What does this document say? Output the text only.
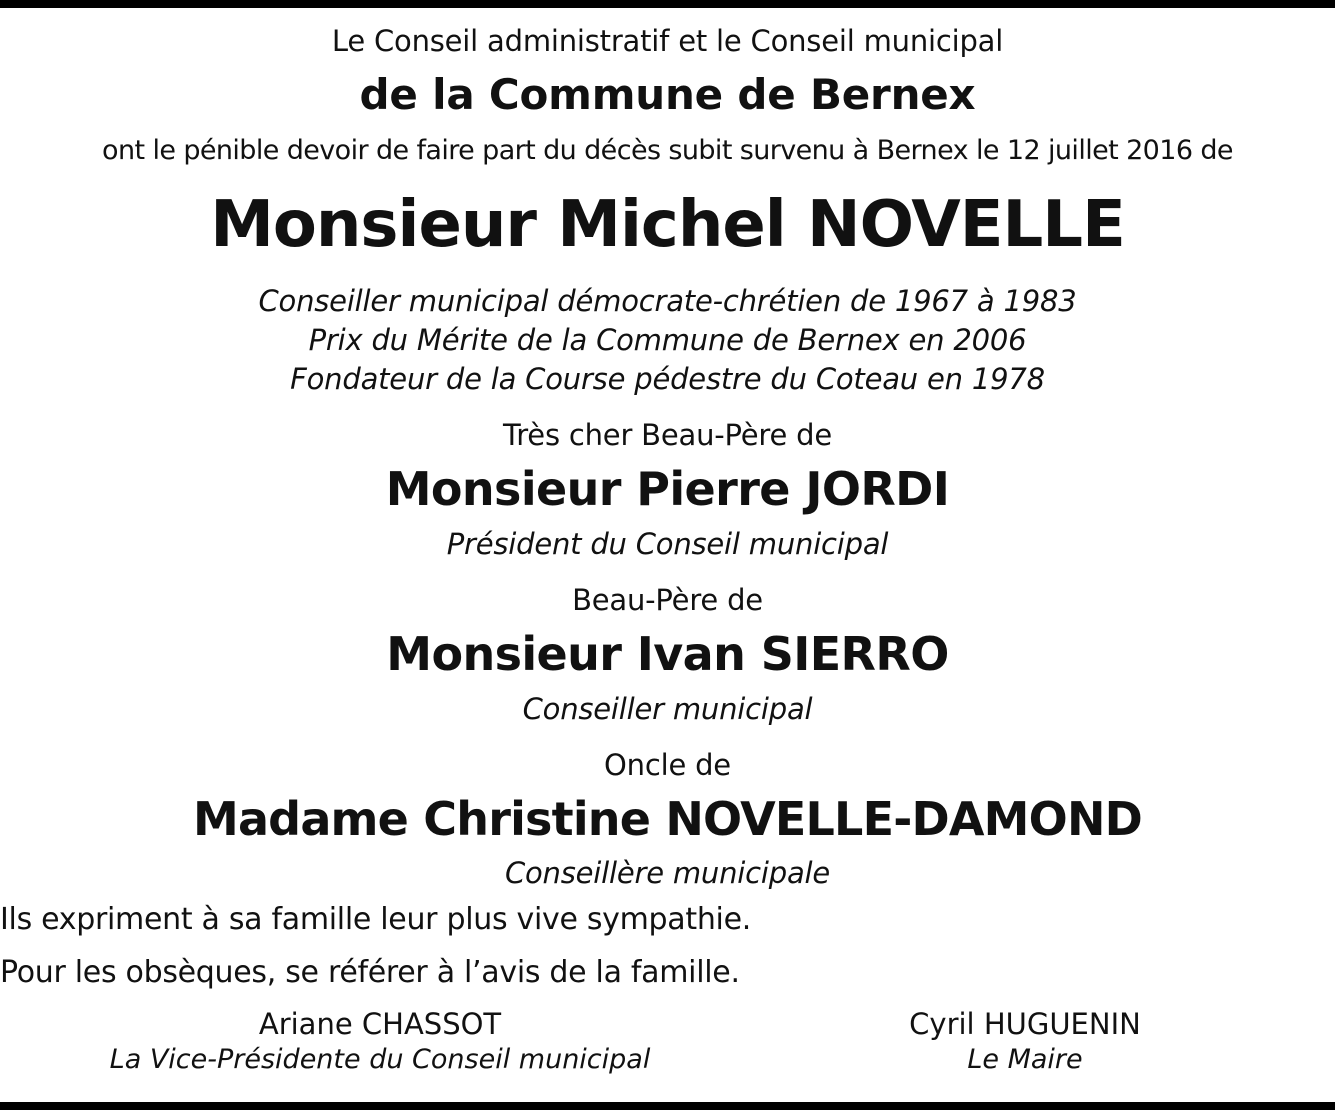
Le Conseil administratif et le Conseil municipal
de la Commune de Bernex
ont le pénible devoir de faire part du décès subit survenu à Bernex le 12 juillet 2016 de
Monsieur Michel NOVELLE
Conseiller municipal démocrate-chrétien de 1967 à 1983
Prix du Mérite de la Commune de Bernex en 2006
Fondateur de la Course pédestre du Coteau en 1978
Très cher Beau-Père de
Monsieur Pierre JORDI
Président du Conseil municipal
Beau-Père de
Monsieur Ivan SIERRO
Conseiller municipal
Oncle de
Madame Christine NOVELLE-DAMOND
Conseillère municipale
Ils expriment à sa famille leur plus vive sympathie.
Pour les obsèques, se référer à l’avis de la famille.
Ariane CHASSOT
La Vice-Présidente du Conseil municipal
Cyril HUGUENIN
Le Maire
